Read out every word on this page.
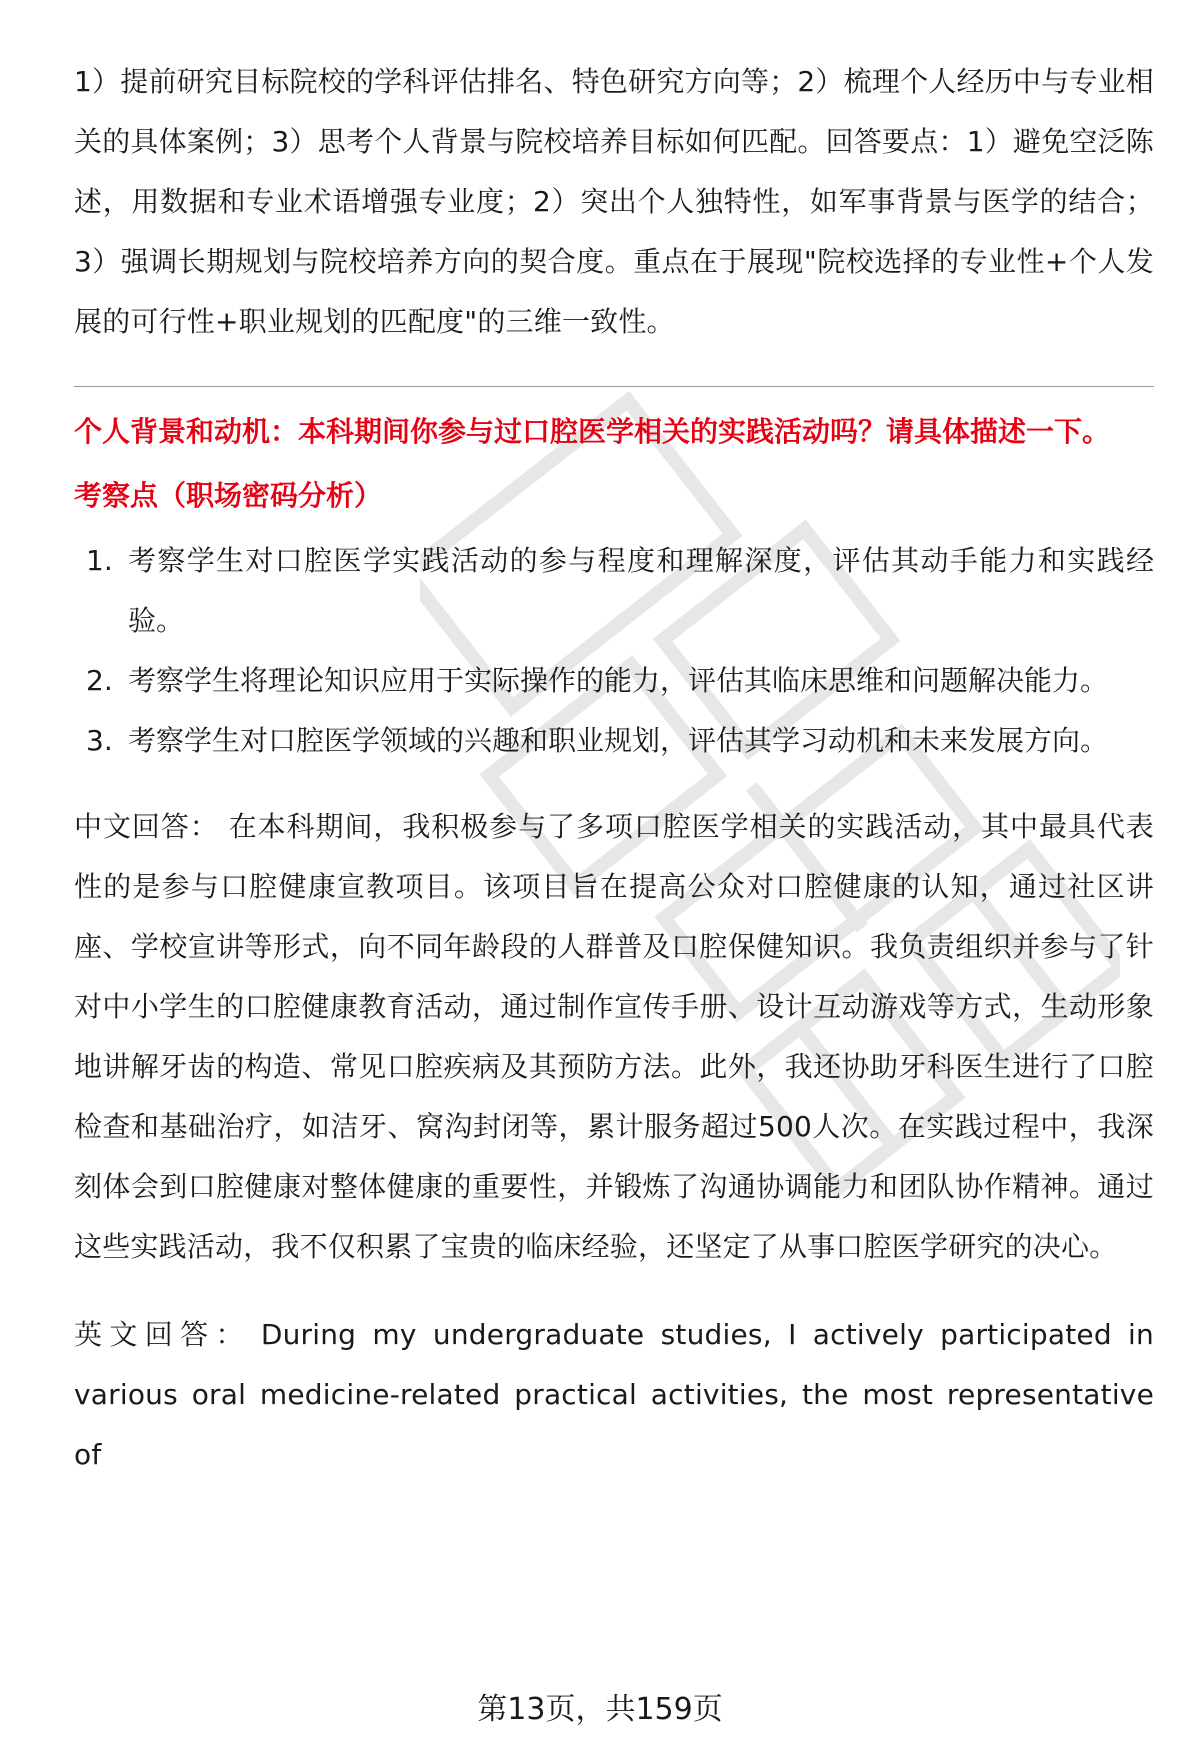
1）提前研究目标院校的学科评估排名、特色研究方向等；2）梳理个人经历中与专业相关的具体案例；3）思考个人背景与院校培养目标如何匹配。回答要点：1）避免空泛陈述，用数据和专业术语增强专业度；2）突出个人独特性，如军事背景与医学的结合；3）强调长期规划与院校培养方向的契合度。重点在于展现"院校选择的专业性+个人发展的可行性+职业规划的匹配度"的三维一致性。

个人背景和动机：本科期间你参与过口腔医学相关的实践活动吗？请具体描述一下。

考察点（职场密码分析）

1. 考察学生对口腔医学实践活动的参与程度和理解深度，评估其动手能力和实践经验。
2. 考察学生将理论知识应用于实际操作的能力，评估其临床思维和问题解决能力。
3. 考察学生对口腔医学领域的兴趣和职业规划，评估其学习动机和未来发展方向。

中文回答： 在本科期间，我积极参与了多项口腔医学相关的实践活动，其中最具代表性的是参与口腔健康宣教项目。该项目旨在提高公众对口腔健康的认知，通过社区讲座、学校宣讲等形式，向不同年龄段的人群普及口腔保健知识。我负责组织并参与了针对中小学生的口腔健康教育活动，通过制作宣传手册、设计互动游戏等方式，生动形象地讲解牙齿的构造、常见口腔疾病及其预防方法。此外，我还协助牙科医生进行了口腔检查和基础治疗，如洁牙、窝沟封闭等，累计服务超过500人次。在实践过程中，我深刻体会到口腔健康对整体健康的重要性，并锻炼了沟通协调能力和团队协作精神。通过这些实践活动，我不仅积累了宝贵的临床经验，还坚定了从事口腔医学研究的决心。

英文回答： During my undergraduate studies, I actively participated in various oral medicine-related practical activities, the most representative of

第13页，共159页
